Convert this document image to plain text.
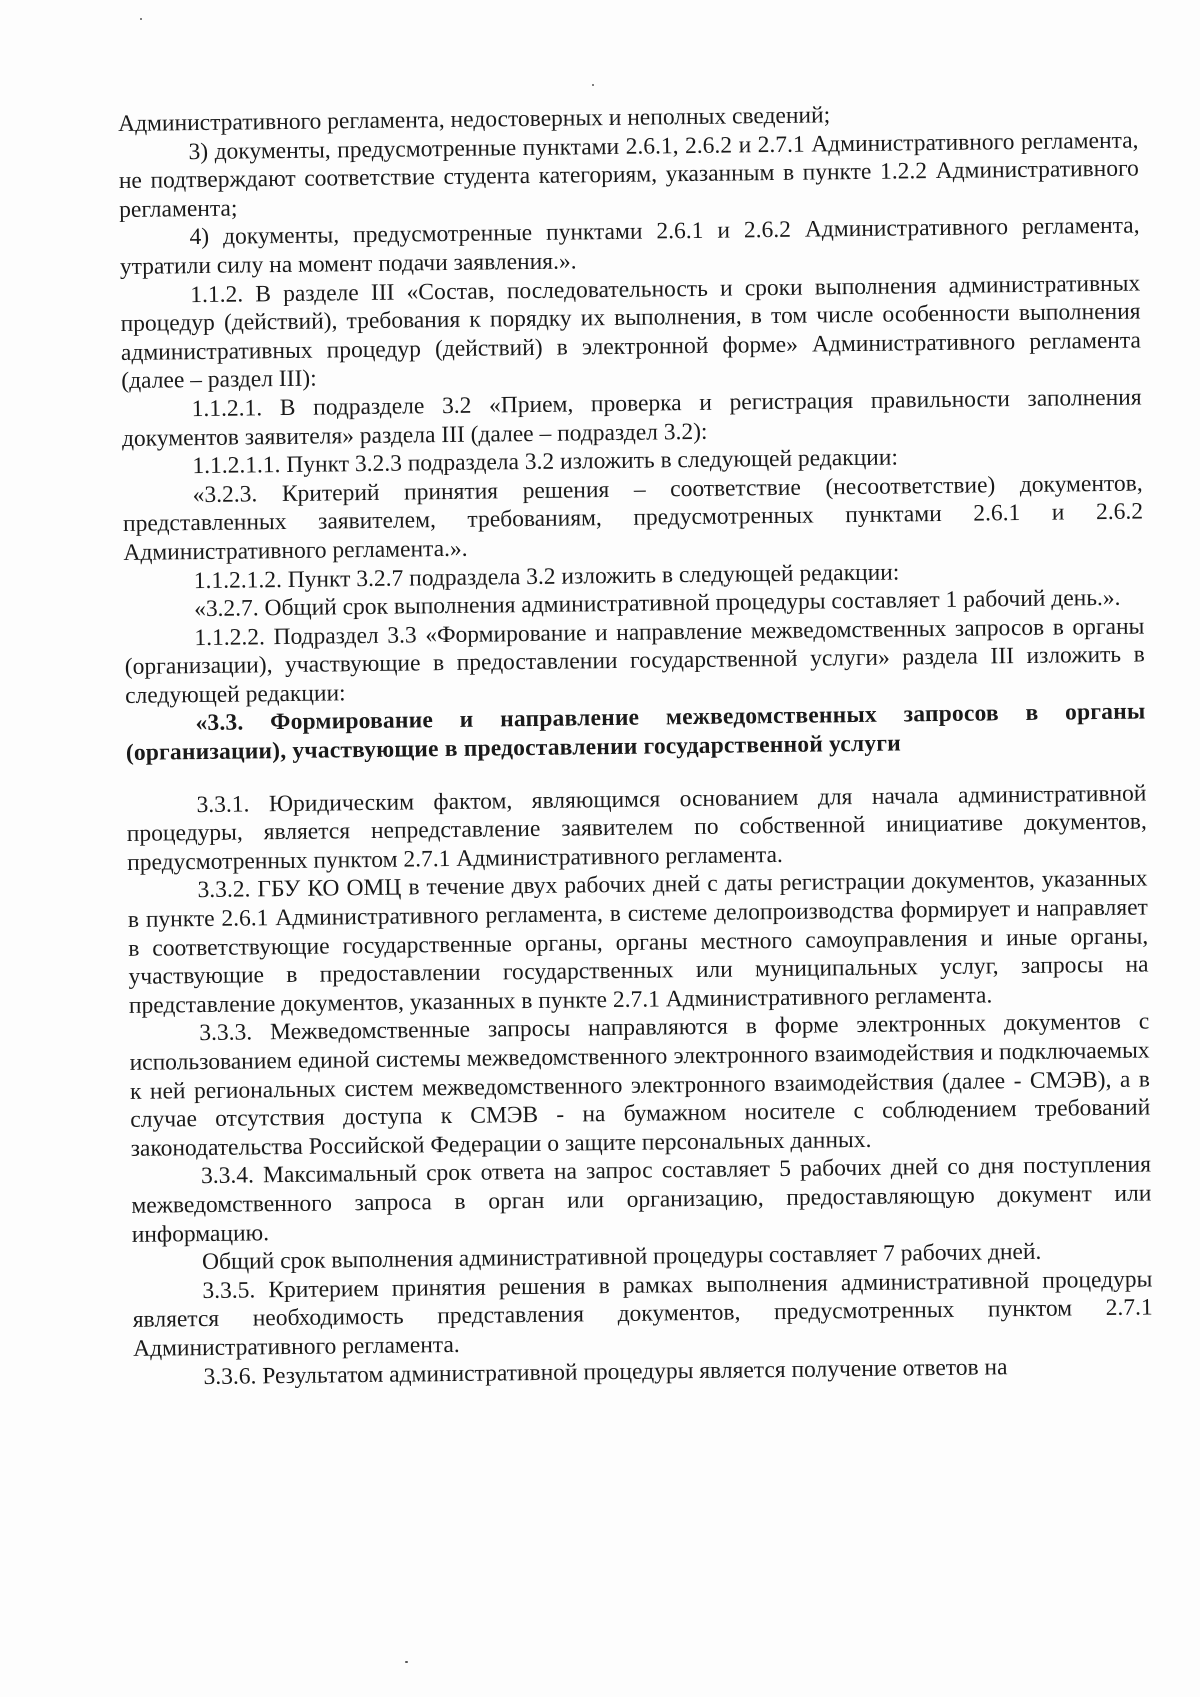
Административного регламента, недостоверных и неполных сведений;

3) документы, предусмотренные пунктами 2.6.1, 2.6.2 и 2.7.1 Административного регламента, не подтверждают соответствие студента категориям, указанным в пункте 1.2.2 Административного регламента;

4) документы, предусмотренные пунктами 2.6.1 и 2.6.2 Административного регламента, утратили силу на момент подачи заявления.».

1.1.2. В разделе III «Состав, последовательность и сроки выполнения административных процедур (действий), требования к порядку их выполнения, в том числе особенности выполнения административных процедур (действий) в электронной форме» Административного регламента (далее – раздел III):

1.1.2.1. В подразделе 3.2 «Прием, проверка и регистрация правильности заполнения документов заявителя» раздела III (далее – подраздел 3.2):

1.1.2.1.1. Пункт 3.2.3 подраздела 3.2 изложить в следующей редакции:

«3.2.3. Критерий принятия решения – соответствие (несоответствие) документов, представленных заявителем, требованиям, предусмотренных пунктами 2.6.1 и 2.6.2 Административного регламента.».

1.1.2.1.2. Пункт 3.2.7 подраздела 3.2 изложить в следующей редакции:

«3.2.7. Общий срок выполнения административной процедуры составляет 1 рабочий день.».

1.1.2.2. Подраздел 3.3 «Формирование и направление межведомственных запросов в органы (организации), участвующие в предоставлении государственной услуги» раздела III изложить в следующей редакции:

«3.3. Формирование и направление межведомственных запросов в органы (организации), участвующие в предоставлении государственной услуги

3.3.1. Юридическим фактом, являющимся основанием для начала административной процедуры, является непредставление заявителем по собственной инициативе документов, предусмотренных пунктом 2.7.1 Административного регламента.

3.3.2. ГБУ КО ОМЦ в течение двух рабочих дней с даты регистрации документов, указанных в пункте 2.6.1 Административного регламента, в системе делопроизводства формирует и направляет в соответствующие государственные органы, органы местного самоуправления и иные органы, участвующие в предоставлении государственных или муниципальных услуг, запросы на представление документов, указанных в пункте 2.7.1 Административного регламента.

3.3.3. Межведомственные запросы направляются в форме электронных документов с использованием единой системы межведомственного электронного взаимодействия и подключаемых к ней региональных систем межведомственного электронного взаимодействия (далее - СМЭВ), а в случае отсутствия доступа к СМЭВ - на бумажном носителе с соблюдением требований законодательства Российской Федерации о защите персональных данных.

3.3.4. Максимальный срок ответа на запрос составляет 5 рабочих дней со дня поступления межведомственного запроса в орган или организацию, предоставляющую документ или информацию.

Общий срок выполнения административной процедуры составляет 7 рабочих дней.

3.3.5. Критерием принятия решения в рамках выполнения административной процедуры является необходимость представления документов, предусмотренных пунктом 2.7.1 Административного регламента.

3.3.6. Результатом административной процедуры является получение ответов на
